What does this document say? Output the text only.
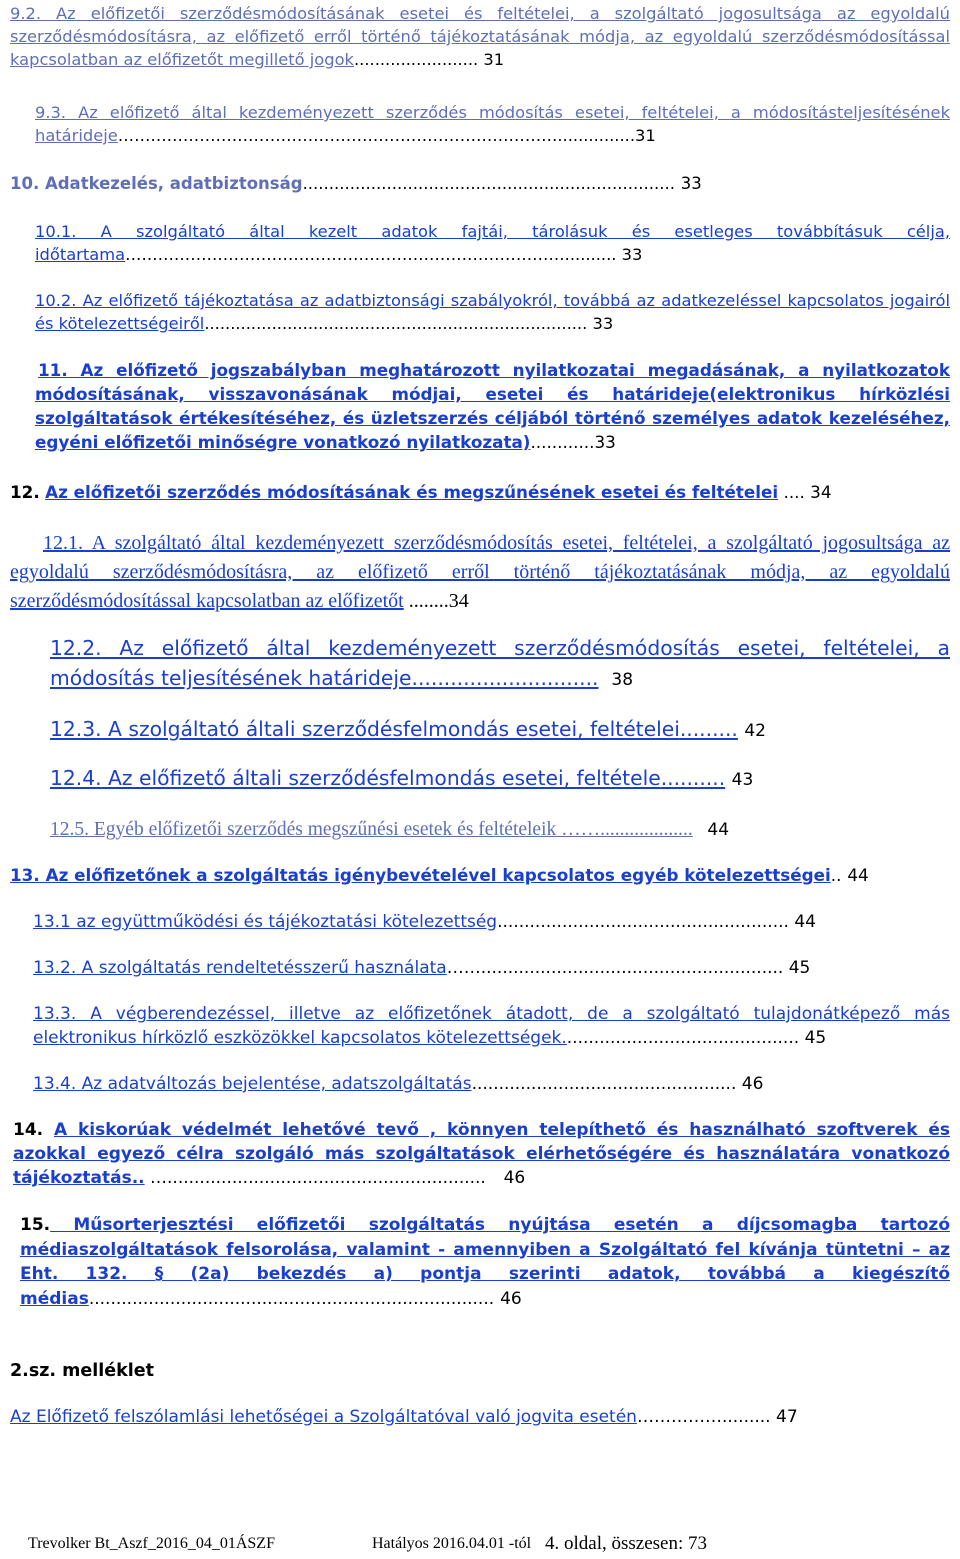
9.2. Az előfizetői szerződésmódosításának esetei és feltételei, a szolgáltató jogosultsága az egyoldalú szerződésmódosításra, az előfizető erről történő tájékoztatásának módja, az egyoldalú szerződésmódosítással kapcsolatban az előfizetőt megillető jogok........................ 31
9.3. Az előfizető által kezdeményezett szerződés módosítás esetei, feltételei, a módosításteljesítésének határideje………………………………………………………………………...............31
10. Adatkezelés, adatbiztonság....................................................................... 33
10.1. A szolgáltató által kezelt adatok fajtái, tárolásuk és esetleges továbbításuk célja, időtartama……………………………………………………………………….......... 33
10.2. Az előfizető tájékoztatása az adatbiztonsági szabályokról, továbbá az adatkezeléssel kapcsolatos jogairól és kötelezettségeiről.......................................................................... 33
11. Az előfizető jogszabályban meghatározott nyilatkozatai megadásának, a nyilatkozatok módosításának, visszavonásának módjai, esetei és határideje(elektronikus hírközlési szolgáltatások értékesítéséhez, és üzletszerzés céljából történő személyes adatok kezeléséhez, egyéni előfizetői minőségre vonatkozó nyilatkozata)............33
12. Az előfizetői szerződés módosításának és megszűnésének esetei és feltételei .... 34
12.1. A szolgáltató által kezdeményezett szerződésmódosítás esetei, feltételei, a szolgáltató jogosultsága az egyoldalú szerződésmódosításra, az előfizető erről történő tájékoztatásának módja, az egyoldalú szerződésmódosítással kapcsolatban az előfizetőt ........34
12.2. Az előfizető által kezdeményezett szerződésmódosítás esetei, feltételei, a módosítás teljesítésének határideje............................. 38
12.3. A szolgáltató általi szerződésfelmondás esetei, feltételei......... 42
12.4. Az előfizető általi szerződésfelmondás esetei, feltétele.......... 43
12.5. Egyéb előfizetői szerződés megszűnési esetek és feltételeik ……................... 44
13. Az előfizetőnek a szolgáltatás igénybevételével kapcsolatos egyéb kötelezettségei.. 44
13.1 az együttműködési és tájékoztatási kötelezettség...................................................... 44
13.2. A szolgáltatás rendeltetésszerű használata……........................................................ 45
13.3. A végberendezéssel, illetve az előfizetőnek átadott, de a szolgáltató tulajdonátképező más elektronikus hírközlő eszközökkel kapcsolatos kötelezettségek............................................ 45
13.4. Az adatváltozás bejelentése, adatszolgáltatás................................................. 46
14. A kiskorúak védelmét lehetővé tevő , könnyen telepíthető és használható szoftverek és azokkal egyező célra szolgáló más szolgáltatások elérhetőségére és használatára vonatkozó tájékoztatás.. …........................................................... 46
15. Műsorterjesztési előfizetői szolgáltatás nyújtása esetén a díjcsomagba tartozó médiaszolgáltatások felsorolása, valamint - amennyiben a Szolgáltató fel kívánja tüntetni – az Eht. 132. § (2a) bekezdés a) pontja szerinti adatok, továbbá a kiegészítő médias........................................................................... 46
2.sz. melléklet
Az Előfizető felszólamlási lehetőségei a Szolgáltatóval való jogvita esetén……………......... 47
Trevolker Bt_Aszf_2016_04_01ÁSZF	Hatályos 2016.04.01 -tól 4. oldal, összesen: 73
